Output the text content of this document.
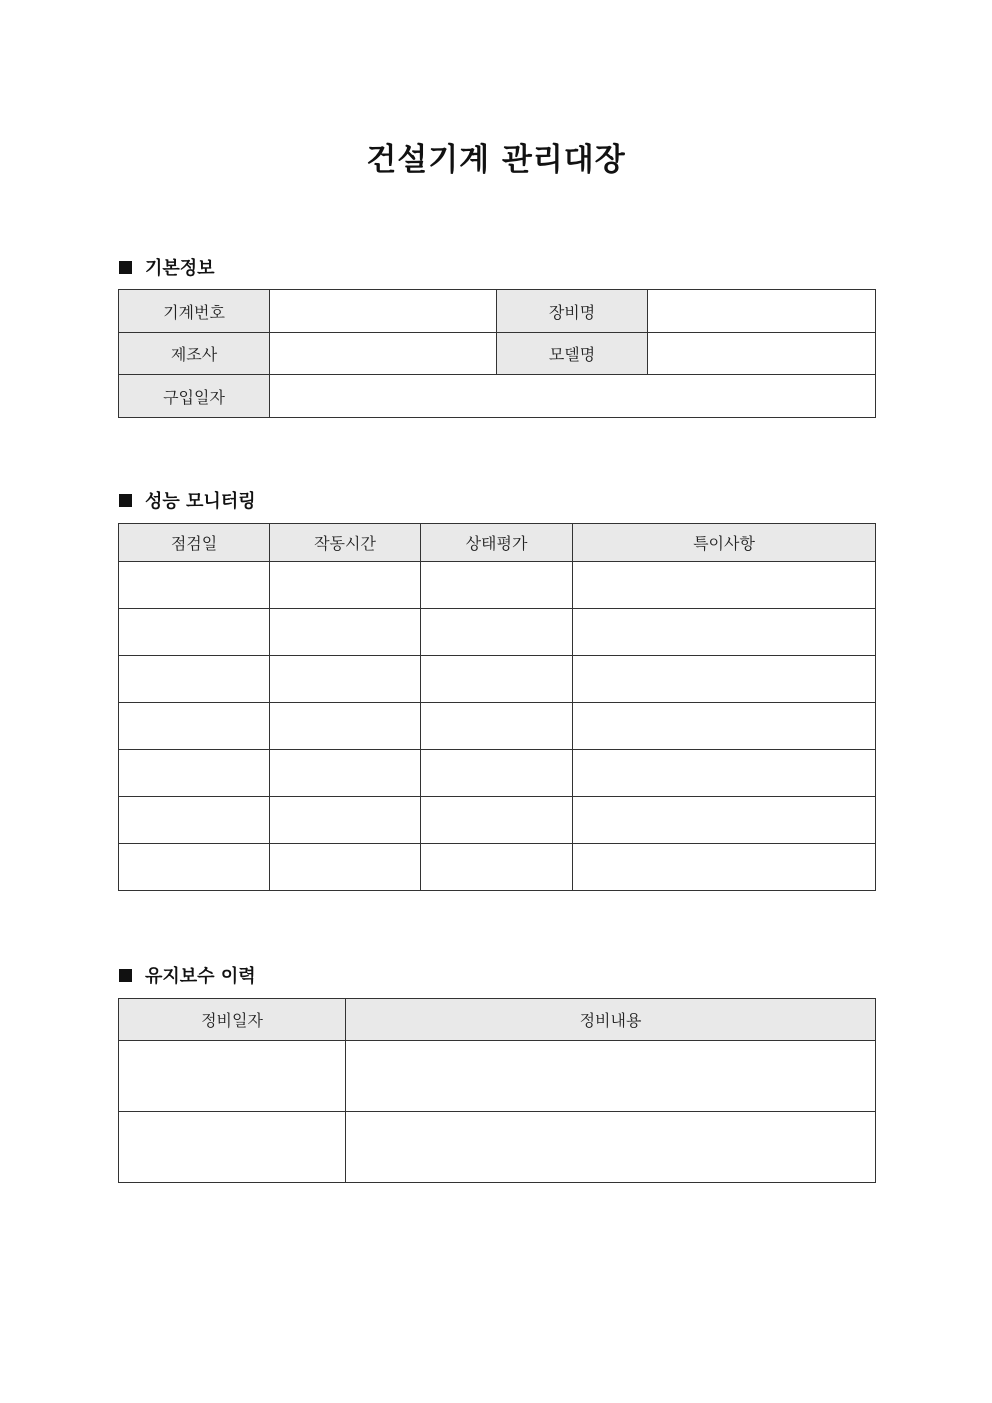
건설기계 관리대장
기본정보
기계번호		장비명	
제조사		모델명	
구입일자			
성능 모니터링
점검일	작동시간	상태평가	특이사항

유지보수 이력
정비일자	정비내용
